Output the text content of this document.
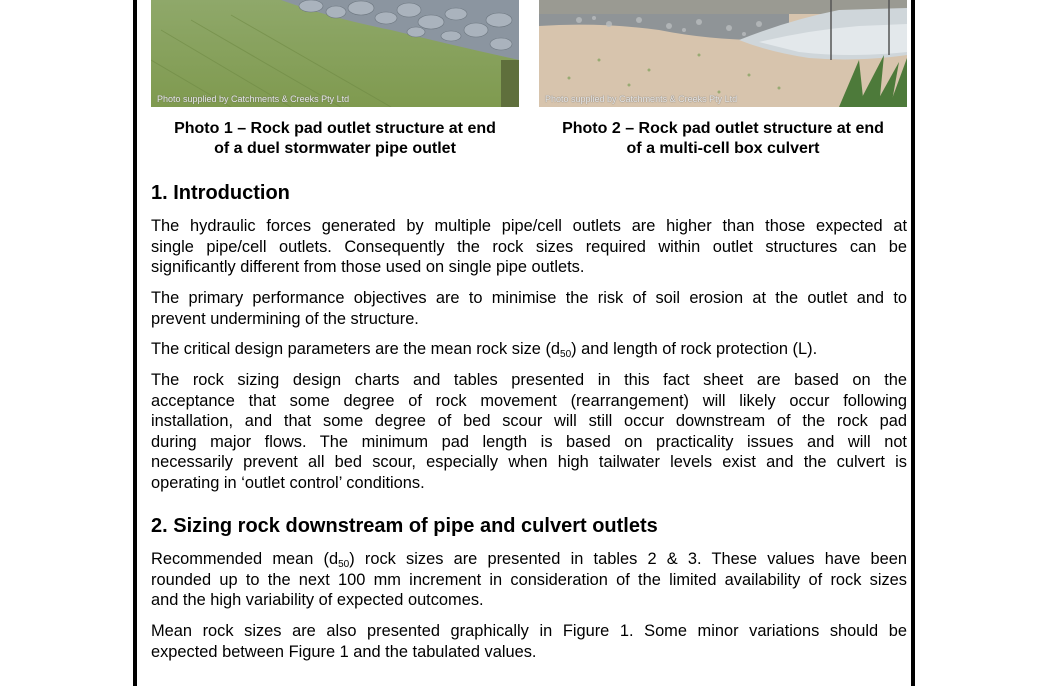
Photo supplied by Catchments & Creeks Pty Ltd	Photo supplied by Catchments & Creeks Pty Ltd
Photo 1 – Rock pad outlet structure at end
of a duel stormwater pipe outlet
Photo 2 – Rock pad outlet structure at end
of a multi-cell box culvert
1. Introduction

The hydraulic forces generated by multiple pipe/cell outlets are higher than those expected at
single pipe/cell outlets. Consequently the rock sizes required within outlet structures can be
significantly different from those used on single pipe outlets.

The primary performance objectives are to minimise the risk of soil erosion at the outlet and to
prevent undermining of the structure.

The critical design parameters are the mean rock size $(d_{50})$ and length of rock protection (L).

The rock sizing design charts and tables presented in this fact sheet are based on the
acceptance that some degree of rock movement (rearrangement) will likely occur following
installation, and that some degree of bed scour will still occur downstream of the rock pad
during major flows. The minimum pad length is based on practicality issues and will not
necessarily prevent all bed scour, especially when high tailwater levels exist and the culvert is
operating in ‘outlet control’ conditions.

2. Sizing rock downstream of pipe and culvert outlets

Recommended mean $(d_{50})$ rock sizes are presented in tables 2 & 3. These values have been
rounded up to the next 100 mm increment in consideration of the limited availability of rock sizes
and the high variability of expected outcomes.

Mean rock sizes are also presented graphically in Figure 1. Some minor variations should be
expected between Figure 1 and the tabulated values.
